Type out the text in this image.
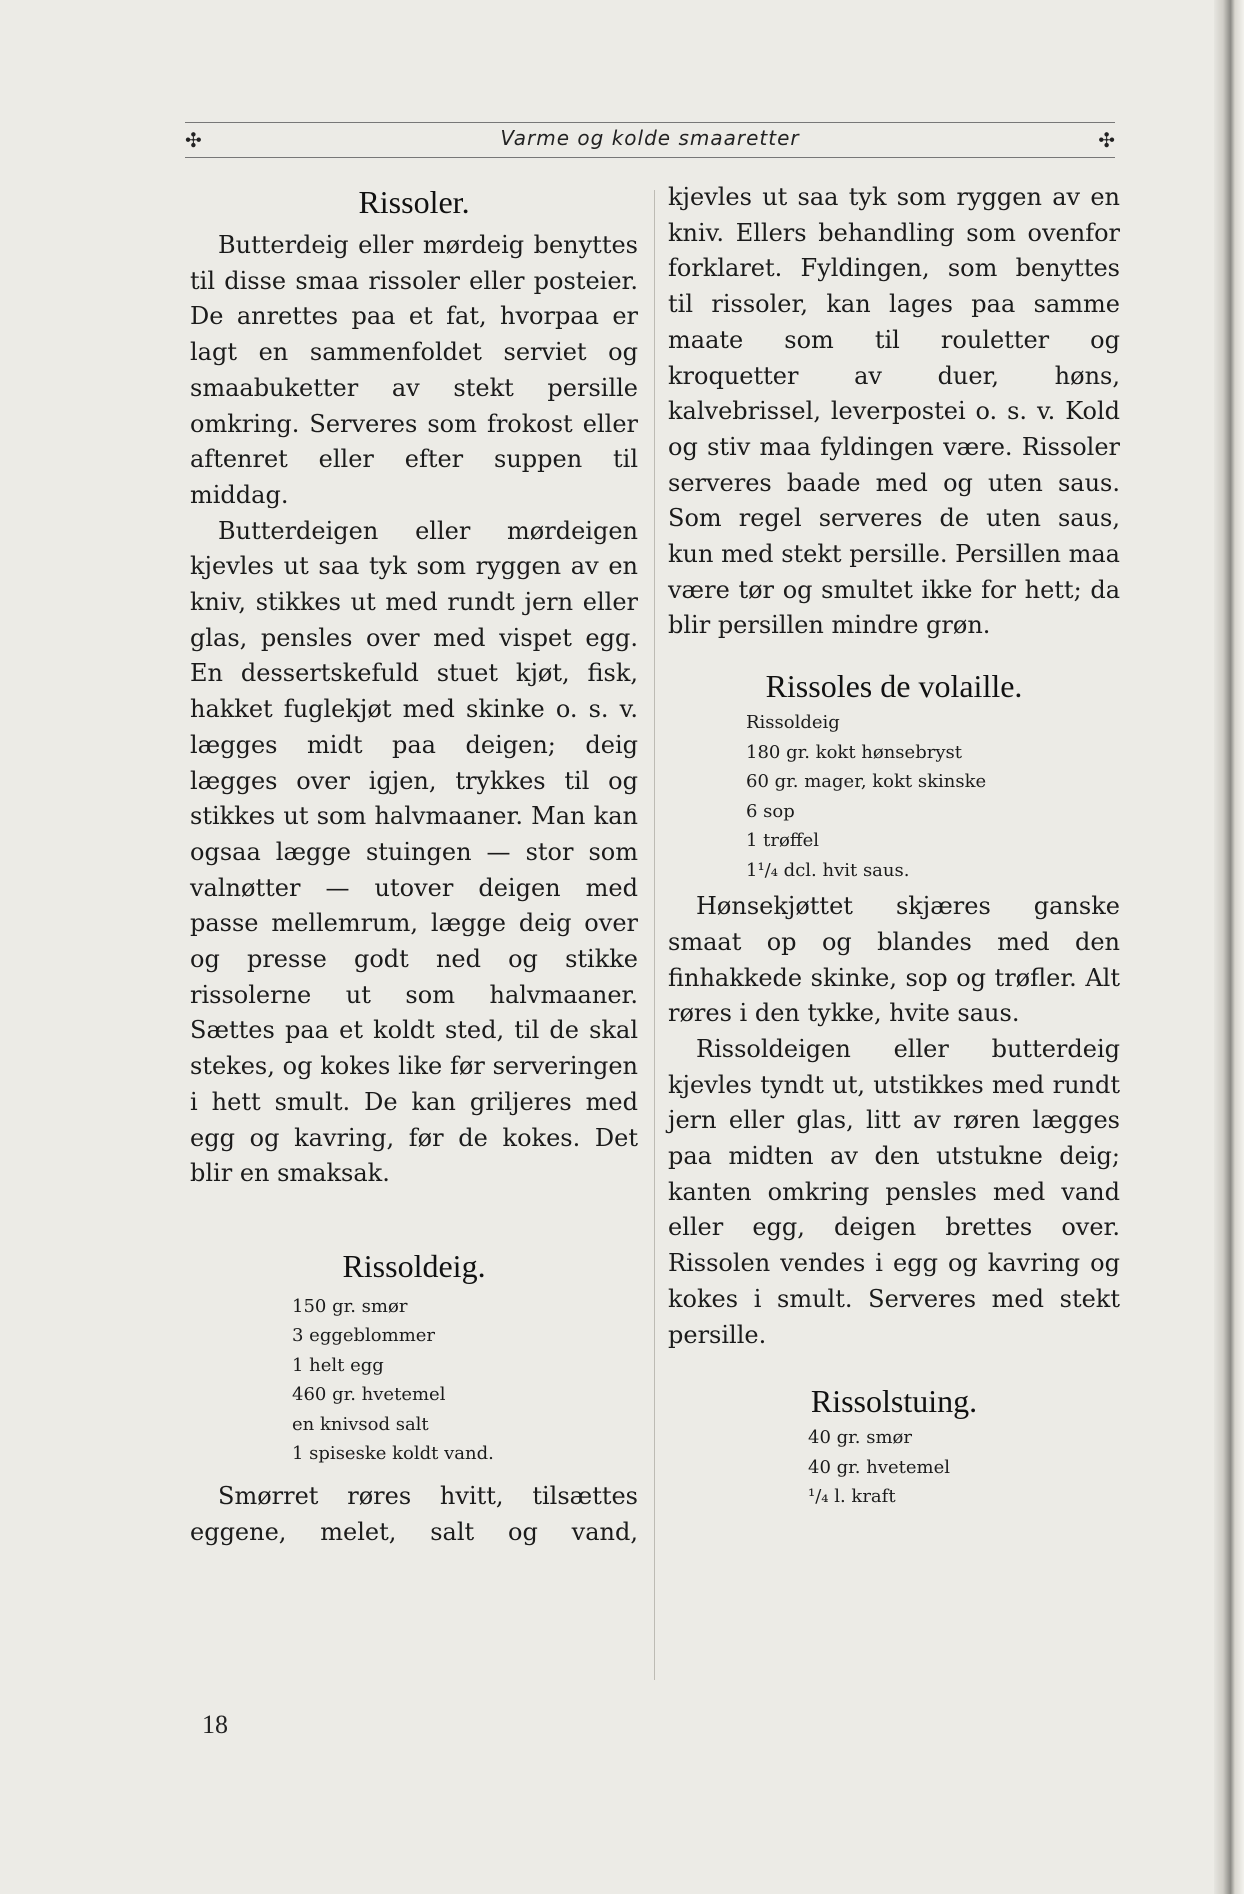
✣	Varme og kolde smaaretter	✣
Rissoler.

Butterdeig eller mørdeig benyttes til disse smaa rissoler eller posteier. De anrettes paa et fat, hvorpaa er lagt en sammenfoldet serviet og smaabuketter av stekt persille omkring. Serveres som frokost eller aftenret eller efter suppen til middag.

Butterdeigen eller mørdeigen kjevles ut saa tyk som ryggen av en kniv, stikkes ut med rundt jern eller glas, pensles over med vispet egg. En dessertskefuld stuet kjøt, fisk, hakket fuglekjøt med skinke o. s. v. lægges midt paa deigen; deig lægges over igjen, trykkes til og stikkes ut som halvmaaner. Man kan ogsaa lægge stuingen — stor som valnøtter — utover deigen med passe mellemrum, lægge deig over og presse godt ned og stikke rissolerne ut som halvmaaner. Sættes paa et koldt sted, til de skal stekes, og kokes like før serveringen i hett smult. De kan griljeres med egg og kavring, før de kokes. Det blir en smaksak.

Rissoldeig.
150 gr. smør
3 eggeblommer
1 helt egg
460 gr. hvetemel
en knivsod salt
1 spiseske koldt vand.

Smørret røres hvitt, tilsættes eggene, melet, salt og vand,

kjevles ut saa tyk som ryggen av en kniv. Ellers behandling som ovenfor forklaret. Fyldingen, som benyttes til rissoler, kan lages paa samme maate som til rouletter og kroquetter av duer, høns, kalvebrissel, leverpostei o. s. v. Kold og stiv maa fyldingen være. Rissoler serveres baade med og uten saus. Som regel serveres de uten saus, kun med stekt persille. Persillen maa være tør og smultet ikke for hett; da blir persillen mindre grøn.

Rissoles de volaille.
Rissoldeig
180 gr. kokt hønsebryst
60 gr. mager, kokt skinske
6 sop
1 trøffel
1¹/₄ dcl. hvit saus.

Hønsekjøttet skjæres ganske smaat op og blandes med den finhakkede skinke, sop og trøfler. Alt røres i den tykke, hvite saus.

Rissoldeigen eller butterdeig kjevles tyndt ut, utstikkes med rundt jern eller glas, litt av røren lægges paa midten av den utstukne deig; kanten omkring pensles med vand eller egg, deigen brettes over. Rissolen vendes i egg og kavring og kokes i smult. Serveres med stekt persille.

Rissolstuing.
40 gr. smør
40 gr. hvetemel
¹/₄ l. kraft
18
